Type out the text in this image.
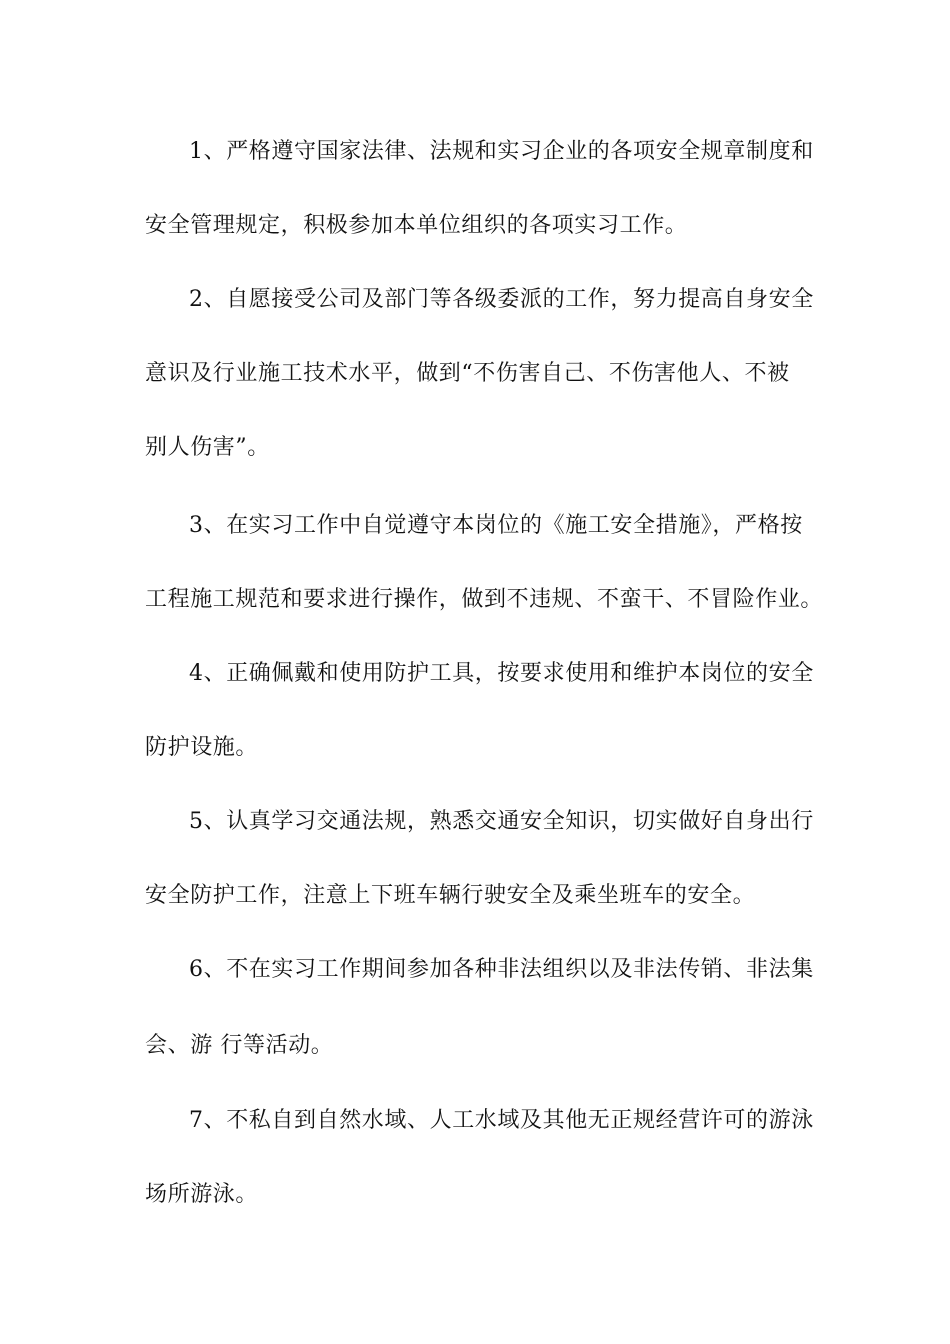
1、严格遵守国家法律、法规和实习企业的各项安全规章制度和
安全管理规定，积极参加本单位组织的各项实习工作。
2、自愿接受公司及部门等各级委派的工作，努力提高自身安全
意识及行业施工技术水平，做到“不伤害自己、不伤害他人、不被
别人伤害”。
3、在实习工作中自觉遵守本岗位的《施工安全措施》，严格按
工程施工规范和要求进行操作，做到不违规、不蛮干、不冒险作业。
4、正确佩戴和使用防护工具，按要求使用和维护本岗位的安全
防护设施。
5、认真学习交通法规，熟悉交通安全知识，切实做好自身出行
安全防护工作，注意上下班车辆行驶安全及乘坐班车的安全。
6、不在实习工作期间参加各种非法组织以及非法传销、非法集
会、游 行等活动。
7、不私自到自然水域、人工水域及其他无正规经营许可的游泳
场所游泳。
